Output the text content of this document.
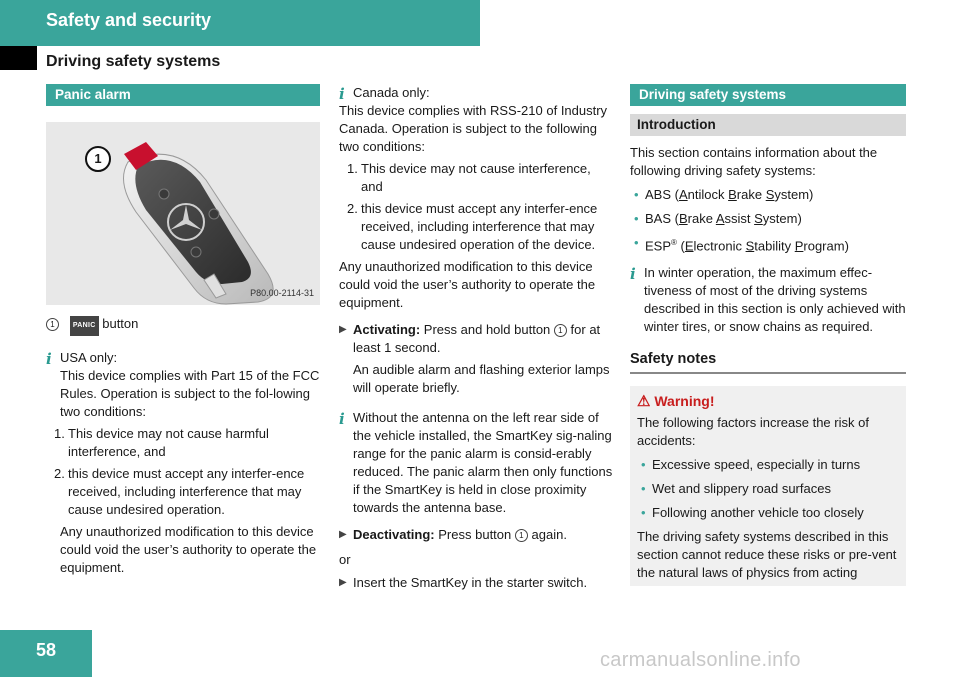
Safety and security
Driving safety systems
Panic alarm
1
P80.00-2114-31

1	PANIC button

i USA only:

This device complies with Part 15 of the FCC Rules. Operation is subject to the fol-lowing two conditions:

1. This device may not cause harmful interference, and
2. this device must accept any interfer-ence received, including interference that may cause undesired operation.

Any unauthorized modification to this device could void the user’s authority to operate the equipment.

i Canada only:

This device complies with RSS-210 of Industry Canada. Operation is subject to the following two conditions:

1. This device may not cause interference, and
2. this device must accept any interfer-ence received, including interference that may cause undesired operation of the device.

Any unauthorized modification to this device could void the user’s authority to operate the equipment.

▶ Activating: Press and hold button 1 for at least 1 second.

An audible alarm and flashing exterior lamps will operate briefly.

i Without the antenna on the left rear side of the vehicle installed, the SmartKey sig-naling range for the panic alarm is consid-erably reduced. The panic alarm then only functions if the SmartKey is held in close proximity towards the antenna base.

▶ Deactivating: Press button 1 again.

or

▶ Insert the SmartKey in the starter switch.
Driving safety systems
Introduction

This section contains information about the following driving safety systems:

• ABS (Antilock Brake System)
• BAS (Brake Assist System)
• ESP® (Electronic Stability Program)
i In winter operation, the maximum effec-tiveness of most of the driving systems described in this section is only achieved with winter tires, or snow chains as required.

Safety notes
⚠ Warning!

The following factors increase the risk of accidents:

• Excessive speed, especially in turns
• Wet and slippery road surfaces
• Following another vehicle too closely

The driving safety systems described in this section cannot reduce these risks or pre-vent the natural laws of physics from acting

58	carmanualsonline.info
